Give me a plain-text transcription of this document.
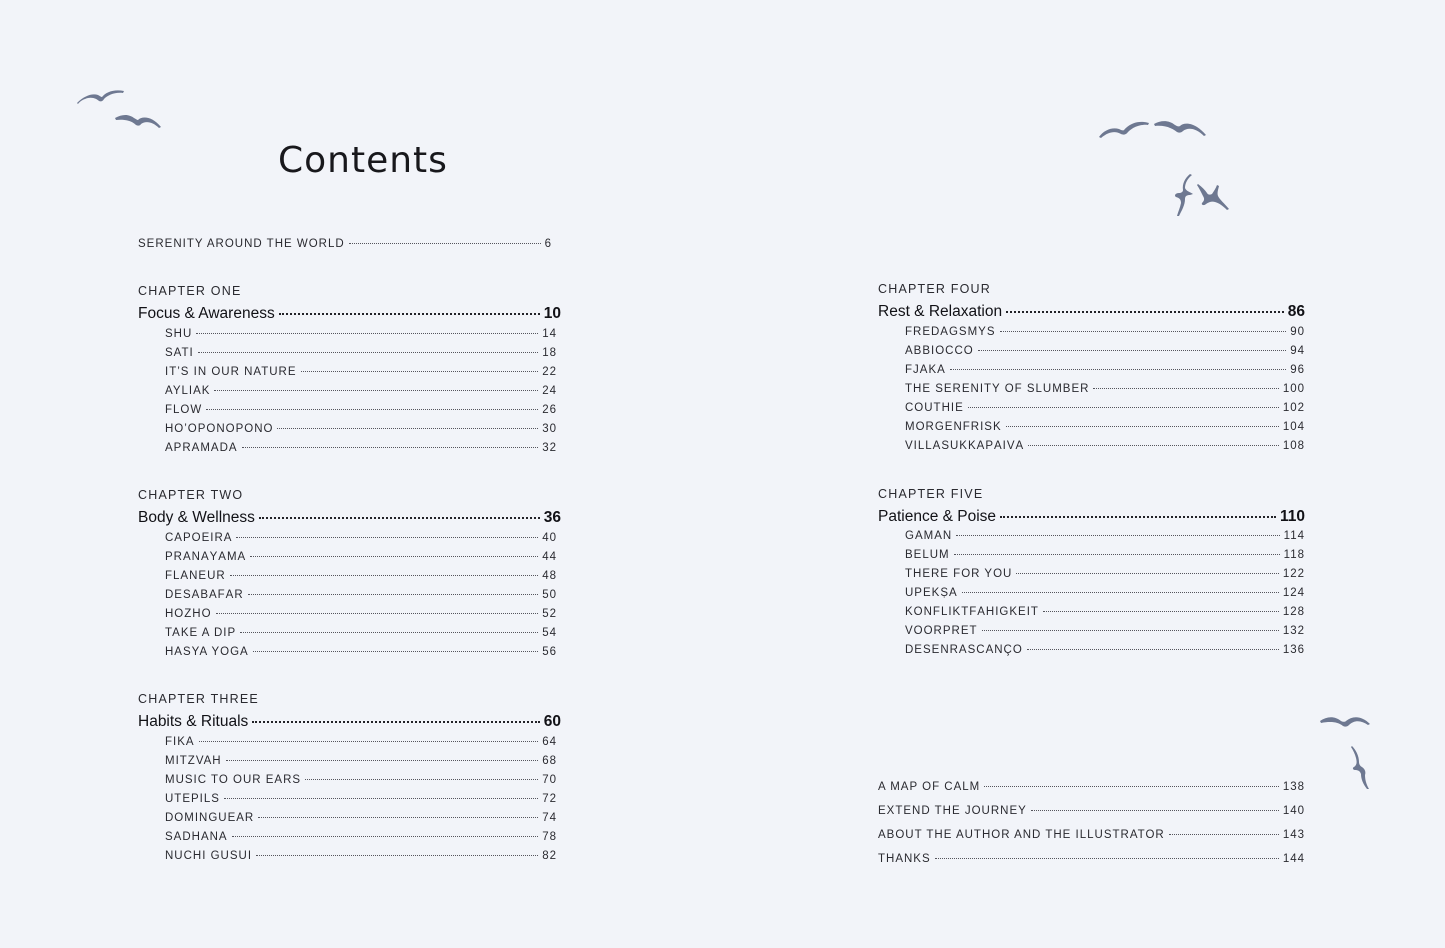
Contents
SERENITY AROUND THE WORLD	6
CHAPTER ONE
Focus & Awareness	10
SHU	14
SATI	18
IT’S IN OUR NATURE	22
AYLIAK	24
FLOW	26
HO’OPONOPONO	30
APRAMĀDA	32
CHAPTER TWO
Body & Wellness	36
CAPOEIRA	40
PRĀNĀYĀMA	44
FLÂNEUR	48
DESABAFÁR	50
HÓZHÓ	52
TAKE A DIP	54
HASYA YOGA	56
CHAPTER THREE
Habits & Rituals	60
FIKA	64
MITZVAH	68
MUSIC TO OUR EARS	70
UTEPILS	72
DOMINGUEAR	74
SADHANA	78
NUCHI GUSUI	82
CHAPTER FOUR
Rest & Relaxation	86
FREDAGSMYS	90
ABBIOCCO	94
FJAKA	96
THE SERENITY OF SLUMBER	100
COUTHIE	102
MORGENFRISK	104
VILLASUKKAPÄIVÄ	108
CHAPTER FIVE
Patience & Poise	110
GAMAN	114
BELUM	118
THERE FOR YOU	122
UPEKṢĀ	124
KONFLIKTFÄHIGKEIT	128
VOORPRET	132
DESENRASCANÇO	136
A MAP OF CALM	138
EXTEND THE JOURNEY	140
ABOUT THE AUTHOR AND THE ILLUSTRATOR	143
THANKS	144
